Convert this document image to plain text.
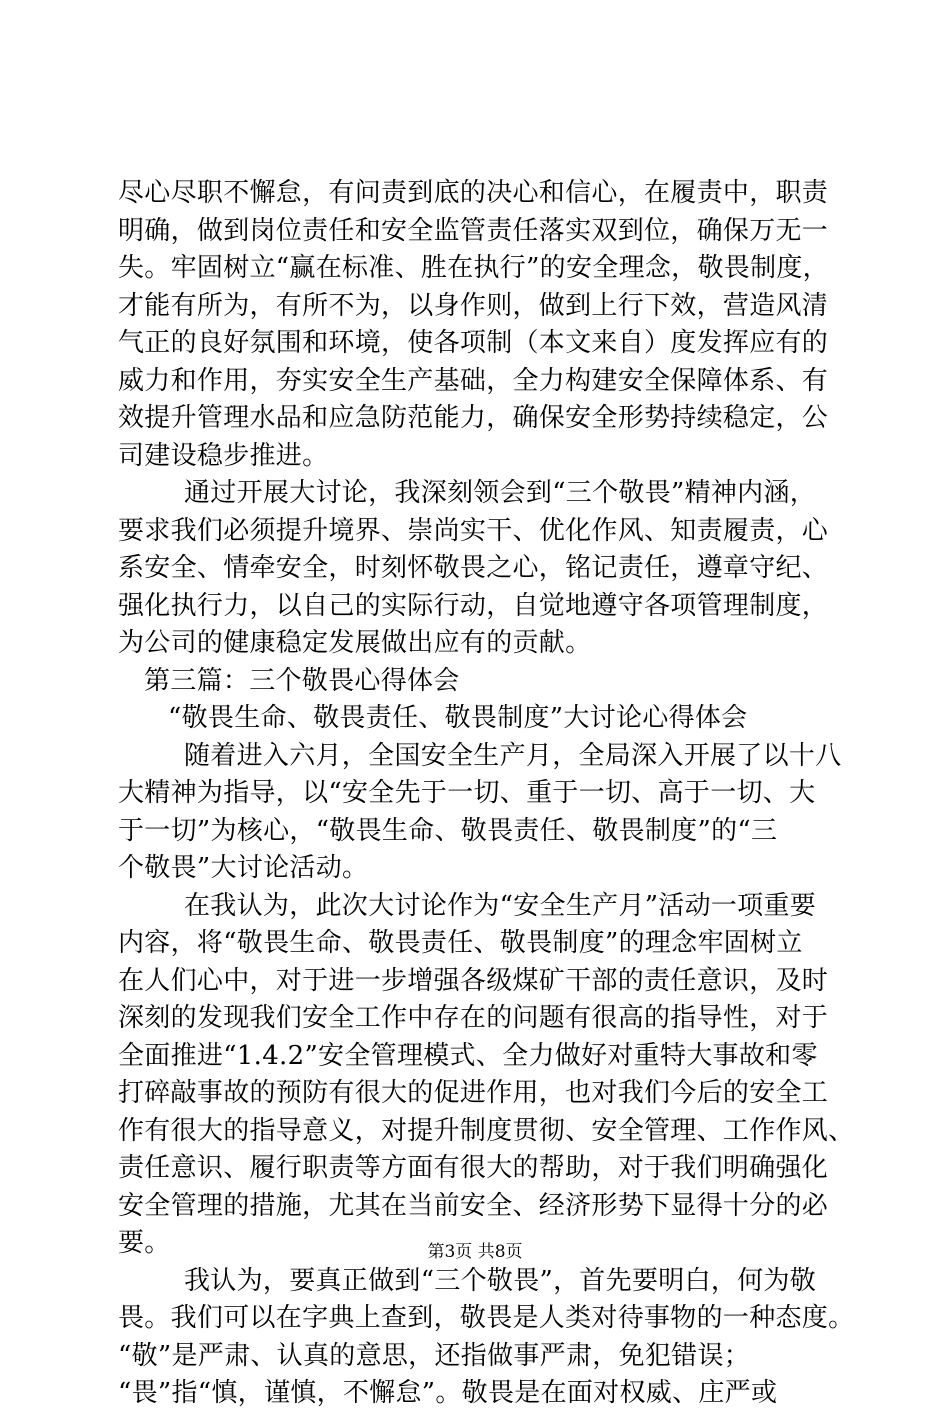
尽心尽职不懈怠，有问责到底的决心和信心，在履责中，职责
明确，做到岗位责任和安全监管责任落实双到位，确保万无一
失。牢固树立“赢在标准、胜在执行”的安全理念，敬畏制度，
才能有所为，有所不为，以身作则，做到上行下效，营造风清
气正的良好氛围和环境，使各项制（本文来自）度发挥应有的
威力和作用，夯实安全生产基础，全力构建安全保障体系、有
效提升管理水品和应急防范能力，确保安全形势持续稳定，公
司建设稳步推进。
通过开展大讨论，我深刻领会到“三个敬畏”精神内涵，
要求我们必须提升境界、崇尚实干、优化作风、知责履责，心
系安全、情牵安全，时刻怀敬畏之心，铭记责任，遵章守纪、
强化执行力，以自己的实际行动，自觉地遵守各项管理制度，
为公司的健康稳定发展做出应有的贡献。
第三篇：三个敬畏心得体会
“敬畏生命、敬畏责任、敬畏制度”大讨论心得体会
随着进入六月，全国安全生产月，全局深入开展了以十八
大精神为指导，以“安全先于一切、重于一切、高于一切、大
于一切”为核心，“敬畏生命、敬畏责任、敬畏制度”的“三
个敬畏”大讨论活动。
在我认为，此次大讨论作为“安全生产月”活动一项重要
内容，将“敬畏生命、敬畏责任、敬畏制度”的理念牢固树立
在人们心中，对于进一步增强各级煤矿干部的责任意识，及时
深刻的发现我们安全工作中存在的问题有很高的指导性，对于
全面推进“1.4.2”安全管理模式、全力做好对重特大事故和零
打碎敲事故的预防有很大的促进作用，也对我们今后的安全工
作有很大的指导意义，对提升制度贯彻、安全管理、工作作风、
责任意识、履行职责等方面有很大的帮助，对于我们明确强化
安全管理的措施，尤其在当前安全、经济形势下显得十分的必
要。
我认为，要真正做到“三个敬畏”，首先要明白，何为敬
畏。我们可以在字典上查到，敬畏是人类对待事物的一种态度。
“敬”是严肃、认真的意思，还指做事严肃，免犯错误；
“畏”指“慎，谨慎，不懈怠”。敬畏是在面对权威、庄严或
第3页 共8页
